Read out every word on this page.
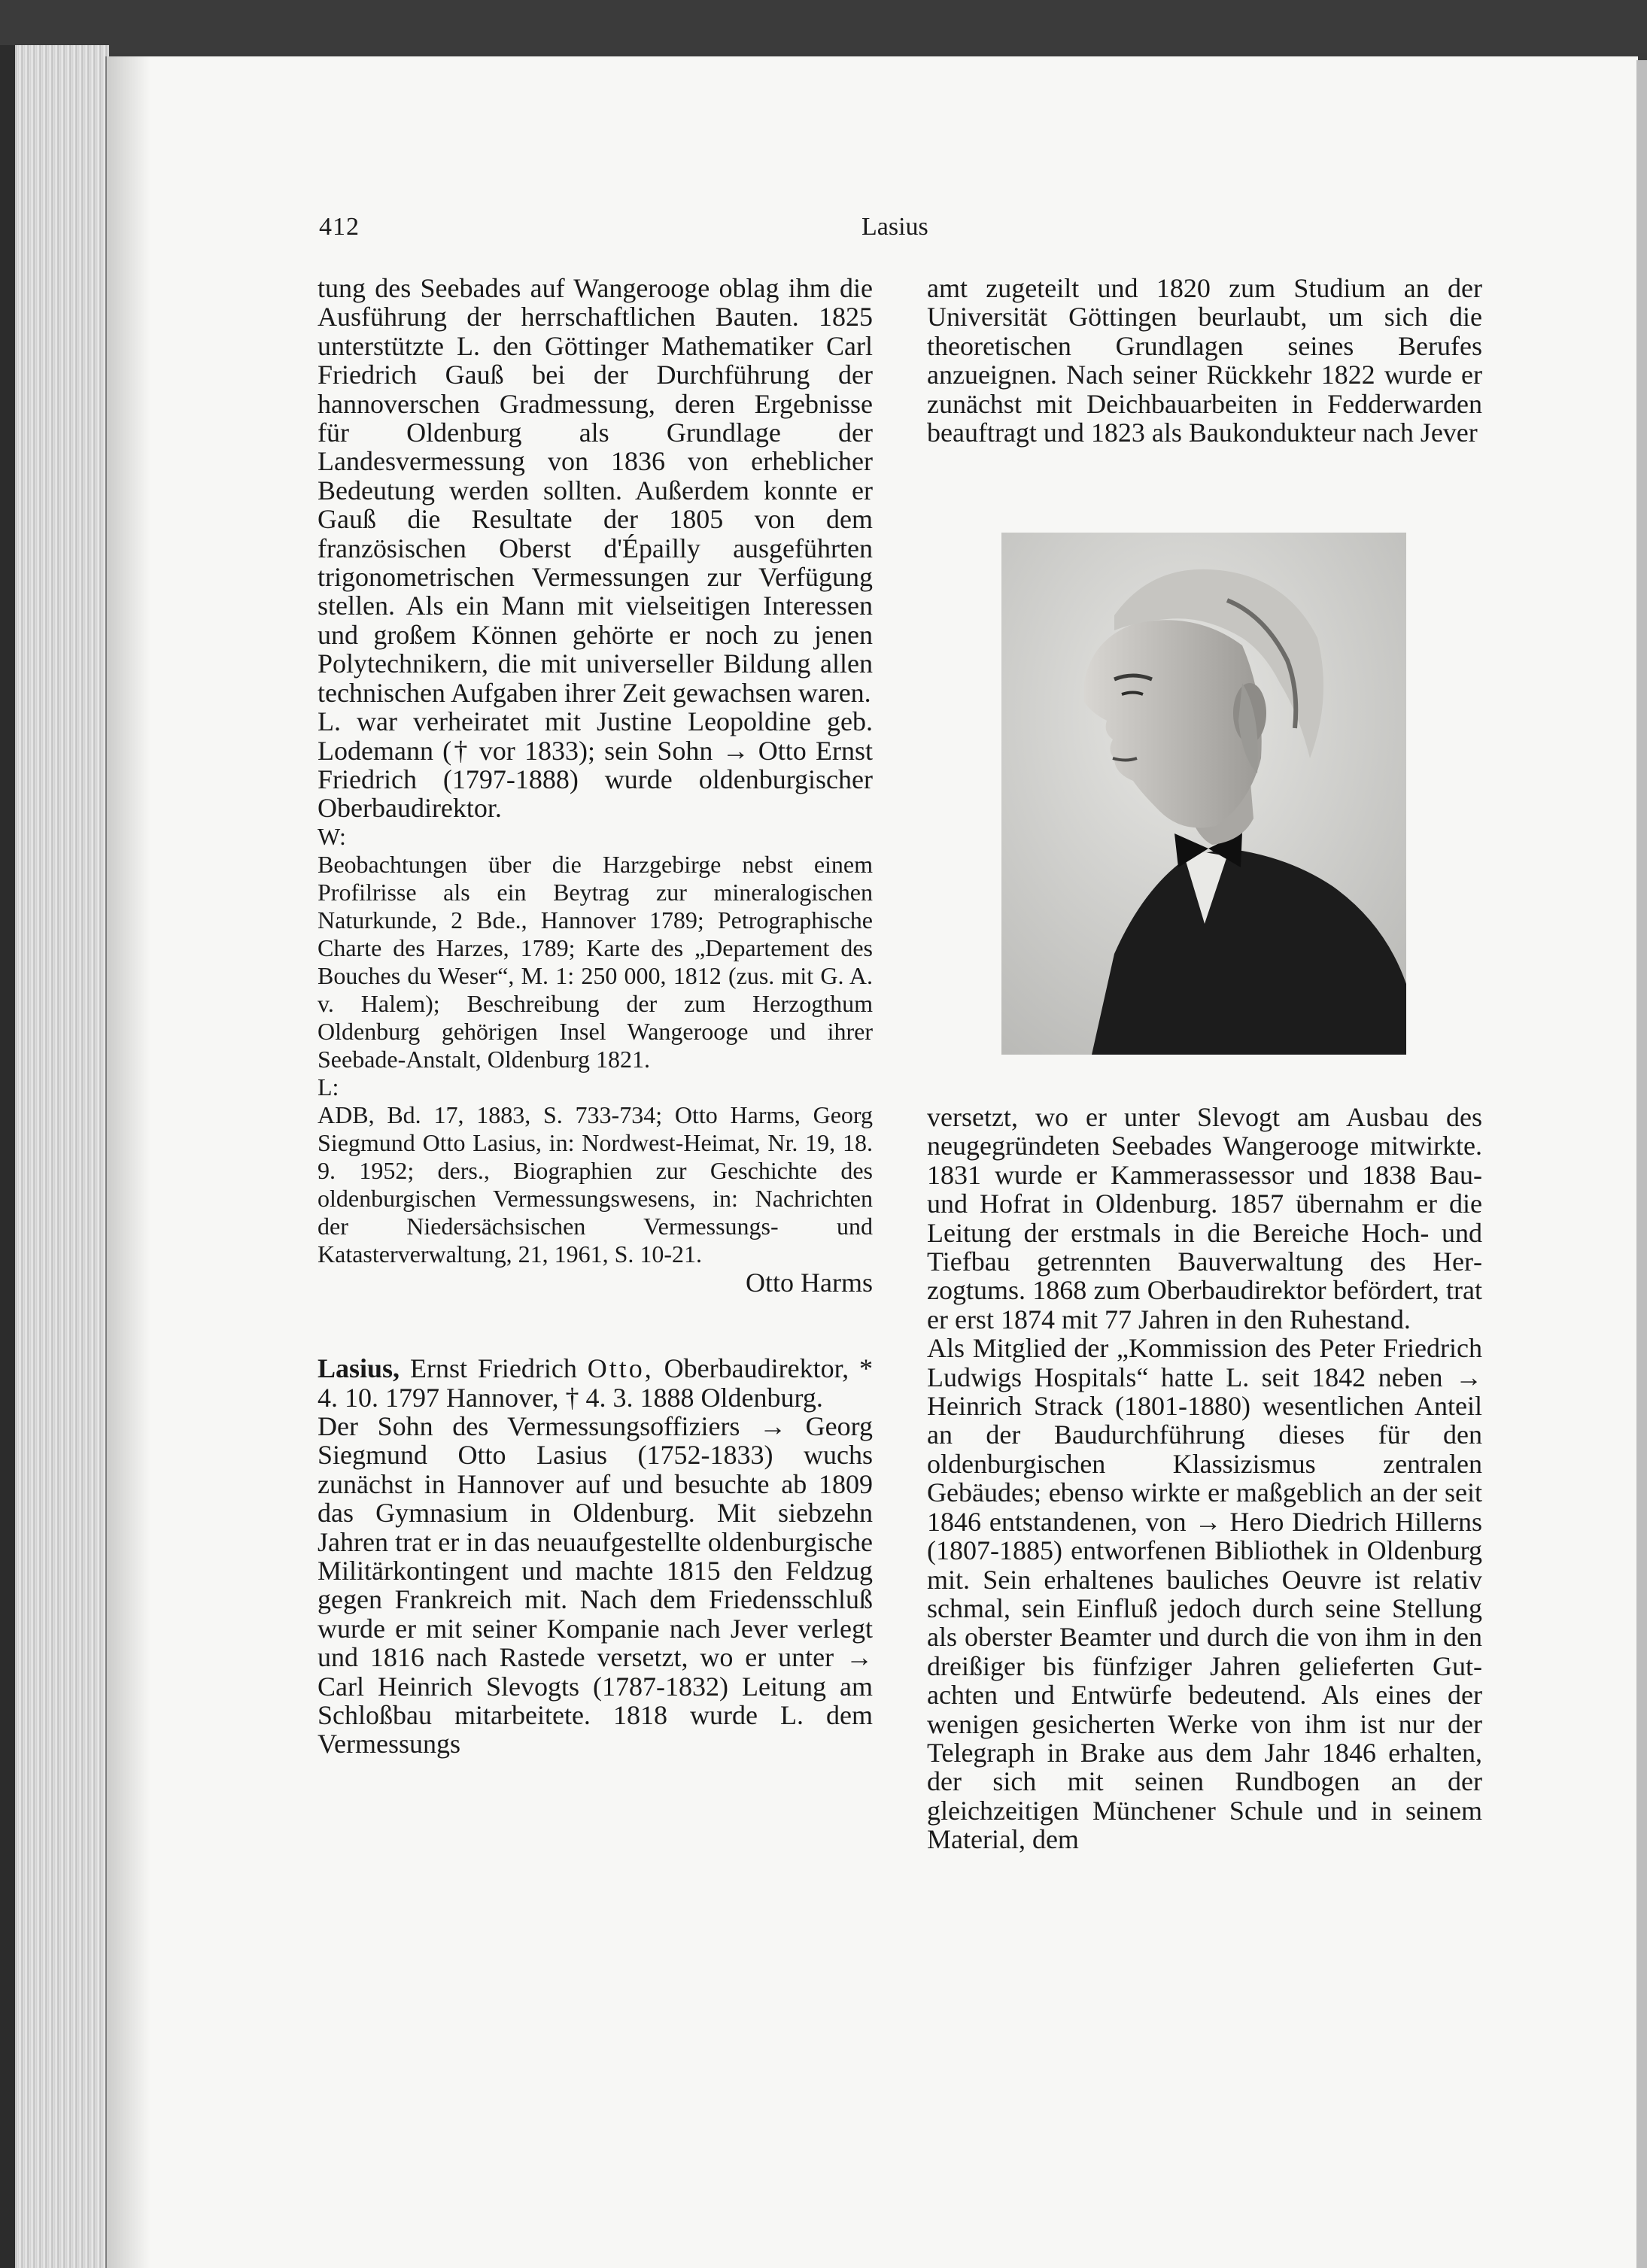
412	Lasius

tung des Seebades auf Wangerooge oblag ihm die Ausführung der herrschaftlichen Bauten. 1825 unterstützte L. den Göttinger Mathematiker Carl Friedrich Gauß bei der Durchführung der hannoverschen Gradmessung, deren Ergebnisse für Oldenburg als Grundlage der Landesvermessung von 1836 von erheblicher Bedeutung werden sollten. Außerdem konnte er Gauß die Resultate der 1805 von dem französischen Oberst d'Épailly ausgeführten trigonometrischen Vermessungen zur Verfügung stellen. Als ein Mann mit vielseitigen Interessen und großem Können gehörte er noch zu jenen Polytechnikern, die mit universeller Bildung allen technischen Aufgaben ihrer Zeit gewachsen waren.

L. war verheiratet mit Justine Leopoldine geb. Lodemann († vor 1833); sein Sohn → Otto Ernst Friedrich (1797-1888) wurde oldenburgischer Oberbaudirektor.

W:

Beobachtungen über die Harzgebirge nebst einem Profilrisse als ein Beytrag zur mineralogischen Naturkunde, 2 Bde., Hannover 1789; Petrographische Charte des Harzes, 1789; Karte des „Departement des Bouches du Weser“, M. 1: 250 000, 1812 (zus. mit G. A. v. Halem); Beschreibung der zum Herzogthum Oldenburg gehörigen Insel Wangerooge und ihrer Seebade-Anstalt, Oldenburg 1821.

L:

ADB, Bd. 17, 1883, S. 733-734; Otto Harms, Georg Siegmund Otto Lasius, in: Nordwest-Heimat, Nr. 19, 18. 9. 1952; ders., Biographien zur Geschichte des oldenburgischen Vermessungswesens, in: Nachrichten der Niedersächsischen Vermessungs- und Katasterverwaltung, 21, 1961, S. 10-21.

Otto Harms

Lasius, Ernst Friedrich Otto, Oberbaudirektor, * 4. 10. 1797 Hannover, † 4. 3. 1888 Oldenburg.

Der Sohn des Vermessungsoffiziers → Georg Siegmund Otto Lasius (1752-1833) wuchs zunächst in Hannover auf und besuchte ab 1809 das Gymnasium in Oldenburg. Mit siebzehn Jahren trat er in das neuaufgestellte oldenburgische Militärkontingent und machte 1815 den Feldzug gegen Frankreich mit. Nach dem Friedensschluß wurde er mit seiner Kompanie nach Jever verlegt und 1816 nach Rastede versetzt, wo er unter → Carl Heinrich Slevogts (1787-1832) Leitung am Schloßbau mitarbeitete. 1818 wurde L. dem Vermessungs

amt zugeteilt und 1820 zum Studium an der Universität Göttingen beurlaubt, um sich die theoretischen Grundlagen seines Berufes anzueignen. Nach seiner Rückkehr 1822 wurde er zunächst mit Deichbauarbeiten in Fedderwarden beauftragt und 1823 als Baukondukteur nach Jever

versetzt, wo er unter Slevogt am Ausbau des neugegründeten Seebades Wangerooge mitwirkte. 1831 wurde er Kammerassessor und 1838 Bau- und Hofrat in Oldenburg. 1857 übernahm er die Leitung der erstmals in die Bereiche Hoch- und Tiefbau getrennten Bauverwaltung des Herzogtums. 1868 zum Oberbaudirektor befördert, trat er erst 1874 mit 77 Jahren in den Ruhestand.

Als Mitglied der „Kommission des Peter Friedrich Ludwigs Hospitals“ hatte L. seit 1842 neben → Heinrich Strack (1801-1880) wesentlichen Anteil an der Baudurchführung dieses für den oldenburgischen Klassizismus zentralen Gebäudes; ebenso wirkte er maßgeblich an der seit 1846 entstandenen, von → Hero Diedrich Hillerns (1807-1885) entworfenen Bibliothek in Oldenburg mit. Sein erhaltenes bauliches Oeuvre ist relativ schmal, sein Einfluß jedoch durch seine Stellung als oberster Beamter und durch die von ihm in den dreißiger bis fünfziger Jahren gelieferten Gutachten und Entwürfe bedeutend. Als eines der wenigen gesicherten Werke von ihm ist nur der Telegraph in Brake aus dem Jahr 1846 erhalten, der sich mit seinen Rundbogen an der gleichzeitigen Münchener Schule und in seinem Material, dem
